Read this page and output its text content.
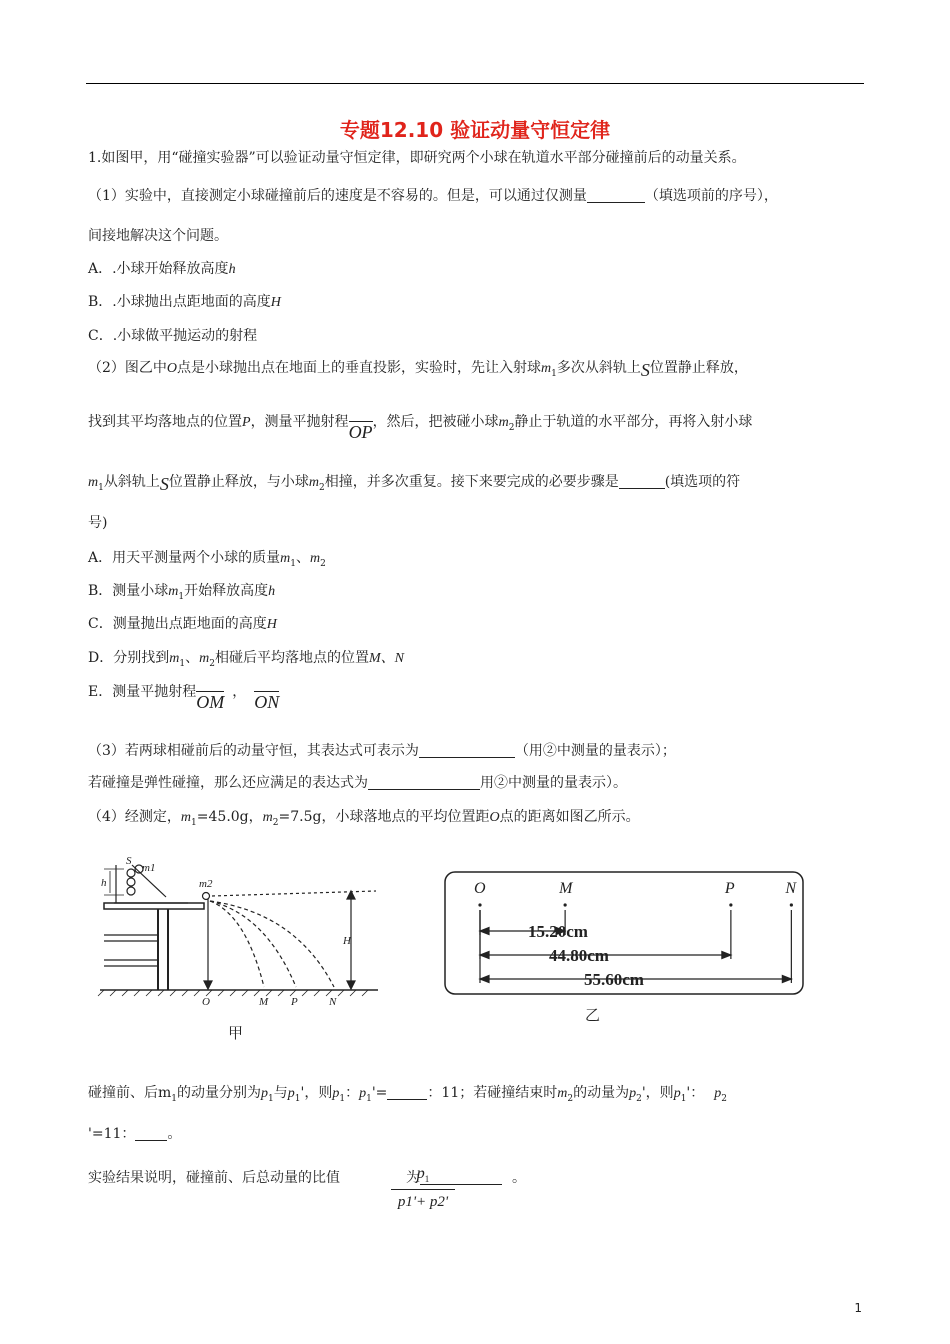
专题12.10 验证动量守恒定律
1.如图甲，用“碰撞实验器”可以验证动量守恒定律，即研究两个小球在轨道水平部分碰撞前后的动量关系。
（1）实验中，直接测定小球碰撞前后的速度是不容易的。但是，可以通过仅测量	（填选项前的序号），
间接地解决这个问题。
A．.小球开始释放高度h
B．.小球抛出点距地面的高度H
C．.小球做平抛运动的射程
（2）图乙中O点是小球抛出点在地面上的垂直投影，实验时，先让入射球$m_1$多次从斜轨上S位置静止释放，
找到其平均落地点的位置P，测量平抛射程OP，然后，把被碰小球$m_2$静止于轨道的水平部分，再将入射小球
$m_1$从斜轨上S位置静止释放，与小球$m_2$相撞，并多次重复。接下来要完成的必要步骤是	(填选项的符
号)
A．用天平测量两个小球的质量$m_1$、$m_2$
B．测量小球$m_1$开始释放高度h
C．测量抛出点距地面的高度H
D．分别找到$m_1$、$m_2$相碰后平均落地点的位置M、N
E．测量平抛射程OM ， ON
（3）若两球相碰前后的动量守恒，其表达式可表示为	（用②中测量的量表示）；
若碰撞是弹性碰撞，那么还应满足的表达式为	用②中测量的量表示）。
（4）经测定，$m_1=45.0g$，$m_2=7.5g$，小球落地点的平均位置距O点的距离如图乙所示。
S
m1
h	m2
H
O	M P	N
甲
O	M	P	N
15.20cm
44.80cm
55.60cm
乙
碰撞前、后$m_1$的动量分别为$p_1$与$p_1'$，则$p_1$：$p_1'=$	：11；若碰撞结束时$m_2$的动量为$p_2'$，则$p_1'$： $p_2$
'=11： 。
实验结果说明，碰撞前、后总动量的比值	为	。
$\frac{p_1}{p1'+ p2'}$
1
